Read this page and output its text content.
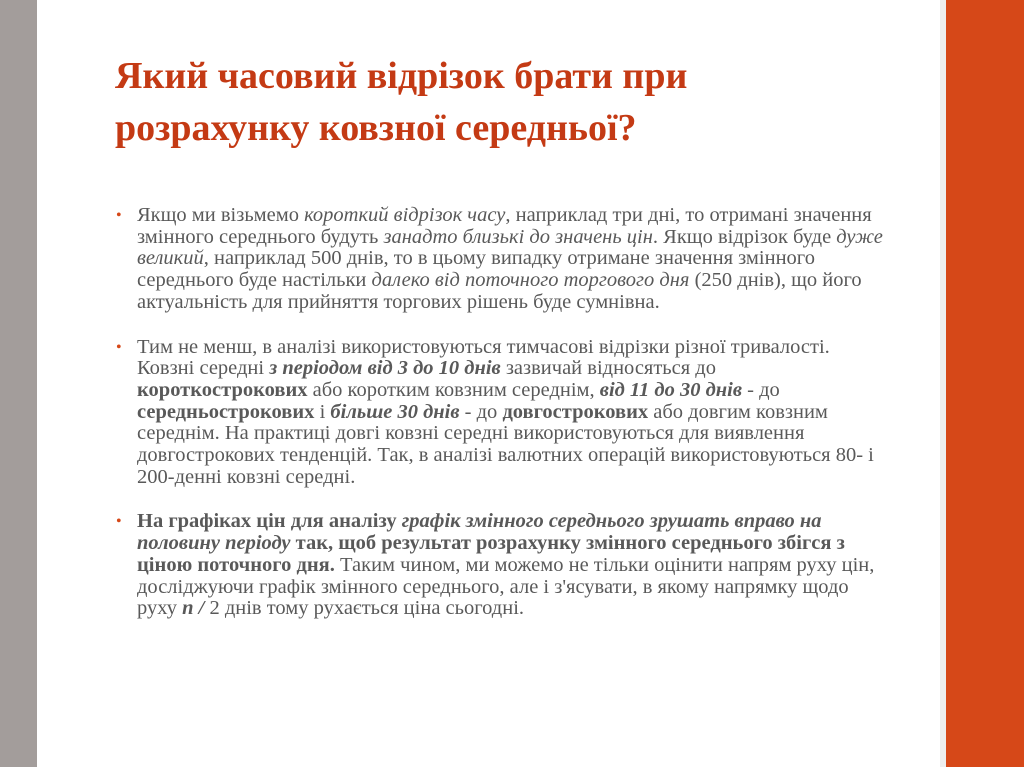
Який часовий відрізок брати при
розрахунку ковзної середньої?
• Якщо ми візьмемо короткий відрізок часу, наприклад три дні, то отримані значення змінного середнього будуть занадто близькі до значень цін. Якщо відрізок буде дуже великий, наприклад 500 днів, то в цьому випадку отримане значення змінного середнього буде настільки далеко від поточного торгового дня (250 днів), що його актуальність для прийняття торгових рішень буде сумнівна.
• Тим не менш, в аналізі використовуються тимчасові відрізки різної тривалості. Ковзні середні з періодом від 3 до 10 днів зазвичай відносяться до короткострокових або коротким ковзним середнім, від 11 до 30 днів - до середньострокових і більше 30 днів - до довгострокових або довгим ковзним середнім. На практиці довгі ковзні середні використовуються для виявлення довгострокових тенденцій. Так, в аналізі валютних операцій використовуються 80- і 200-денні ковзні середні.
• На графіках цін для аналізу графік змінного середнього зрушать вправо на половину періоду так, щоб результат розрахунку змінного середнього збігся з ціною поточного дня. Таким чином, ми можемо не тільки оцінити напрям руху цін, досліджуючи графік змінного середнього, але і з'ясувати, в якому напрямку щодо руху n / 2 днів тому рухається ціна сьогодні.
